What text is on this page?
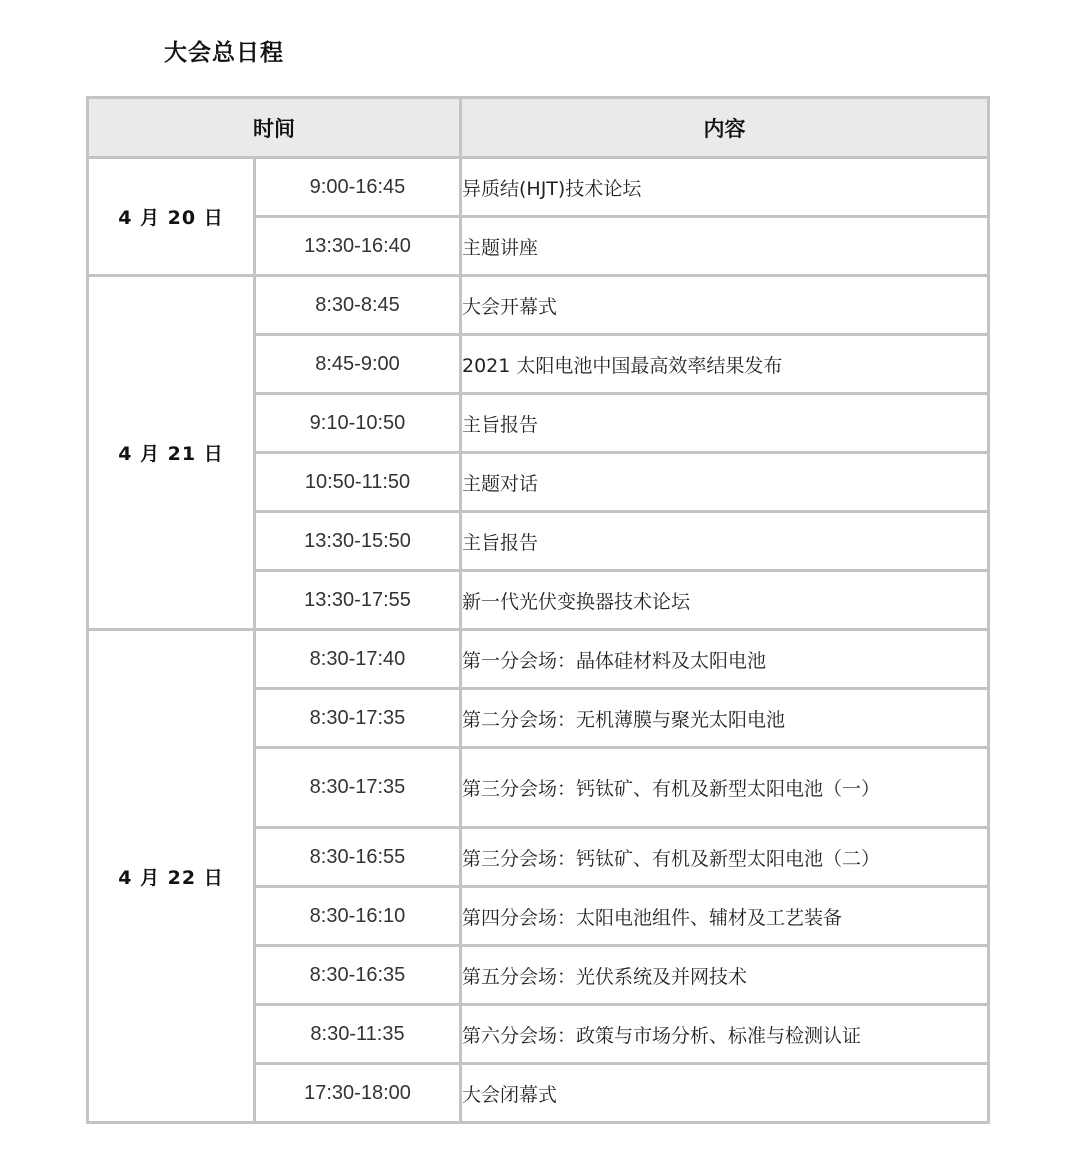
大会总日程
时间		内容
4 月 20 日	9:00-16:45	异质结(HJT)技术论坛
	13:30-16:40	主题讲座
4 月 21 日	8:30-8:45	大会开幕式
	8:45-9:00	2021 太阳电池中国最高效率结果发布
	9:10-10:50	主旨报告
	10:50-11:50	主题对话
	13:30-15:50	主旨报告
	13:30-17:55	新一代光伏变换器技术论坛
4 月 22 日	8:30-17:40	第一分会场：晶体硅材料及太阳电池
	8:30-17:35	第二分会场：无机薄膜与聚光太阳电池
	8:30-17:35	第三分会场：钙钛矿、有机及新型太阳电池（一）
	8:30-16:55	第三分会场：钙钛矿、有机及新型太阳电池（二）
	8:30-16:10	第四分会场：太阳电池组件、辅材及工艺装备
	8:30-16:35	第五分会场：光伏系统及并网技术
	8:30-11:35	第六分会场：政策与市场分析、标准与检测认证
	17:30-18:00	大会闭幕式
